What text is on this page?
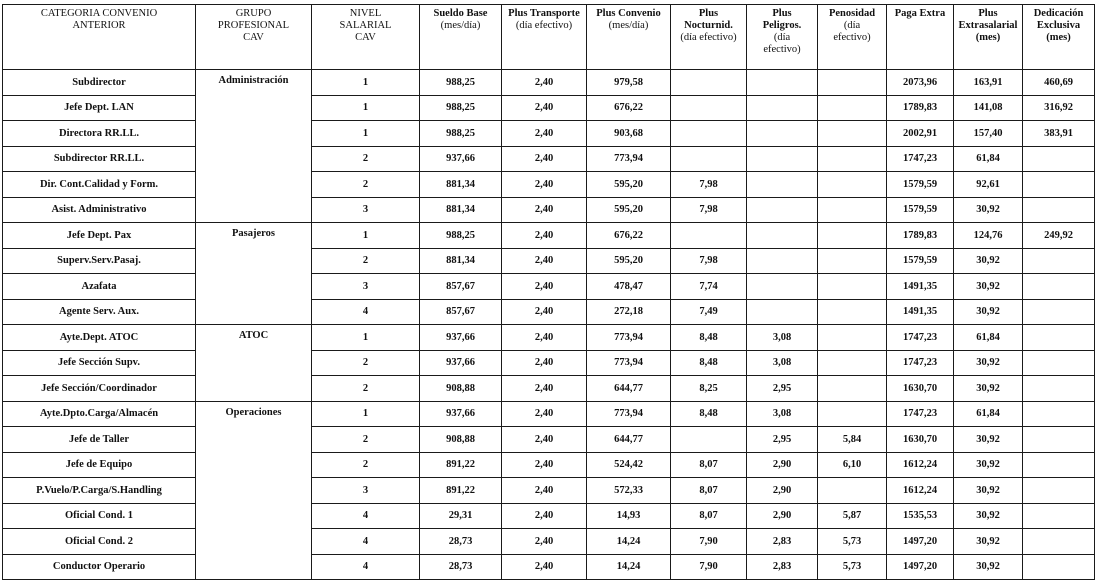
CATEGORIA CONVENIO
ANTERIOR	GRUPO
PROFESIONAL
CAV	NIVEL
SALARIAL
CAV	Sueldo Base
(mes/día)	Plus Transporte
(día efectivo)	Plus Convenio
(mes/día)	Plus
Nocturnid.
(día efectivo)	Plus
Peligros.
(día
efectivo)	Penosidad
(día
efectivo)	Paga Extra	Plus
Extrasalarial
(mes)	Dedicación
Exclusiva
(mes)

Subdirector	Administración	1	988,25	2,40	979,58				2073,96	163,91	460,69
Jefe Dept. LAN		1	988,25	2,40	676,22				1789,83	141,08	316,92
Directora RR.LL.		1	988,25	2,40	903,68				2002,91	157,40	383,91
Subdirector RR.LL.		2	937,66	2,40	773,94				1747,23	61,84	
Dir. Cont.Calidad y Form.		2	881,34	2,40	595,20	7,98			1579,59	92,61	
Asist. Administrativo		3	881,34	2,40	595,20	7,98			1579,59	30,92	
Jefe Dept. Pax	Pasajeros	1	988,25	2,40	676,22				1789,83	124,76	249,92
Superv.Serv.Pasaj.		2	881,34	2,40	595,20	7,98			1579,59	30,92	
Azafata		3	857,67	2,40	478,47	7,74			1491,35	30,92	
Agente Serv. Aux.		4	857,67	2,40	272,18	7,49			1491,35	30,92	
Ayte.Dept. ATOC	ATOC	1	937,66	2,40	773,94	8,48	3,08		1747,23	61,84	
Jefe Sección Supv.		2	937,66	2,40	773,94	8,48	3,08		1747,23	30,92	
Jefe Sección/Coordinador		2	908,88	2,40	644,77	8,25	2,95		1630,70	30,92	
Ayte.Dpto.Carga/Almacén	Operaciones	1	937,66	2,40	773,94	8,48	3,08		1747,23	61,84	
Jefe de Taller		2	908,88	2,40	644,77		2,95	5,84	1630,70	30,92	
Jefe de Equipo		2	891,22	2,40	524,42	8,07	2,90	6,10	1612,24	30,92	
P.Vuelo/P.Carga/S.Handling		3	891,22	2,40	572,33	8,07	2,90		1612,24	30,92	
Oficial Cond. 1		4	29,31	2,40	14,93	8,07	2,90	5,87	1535,53	30,92	
Oficial Cond. 2		4	28,73	2,40	14,24	7,90	2,83	5,73	1497,20	30,92	
Conductor Operario		4	28,73	2,40	14,24	7,90	2,83	5,73	1497,20	30,92	
